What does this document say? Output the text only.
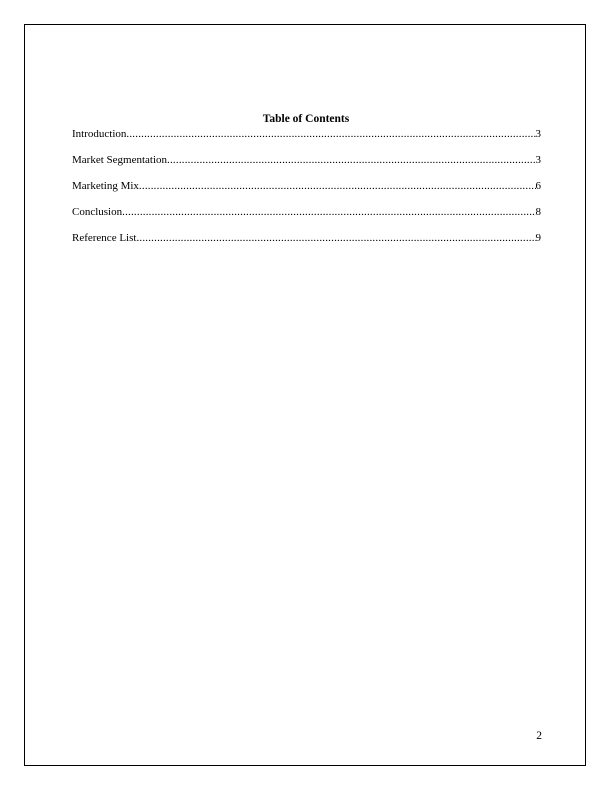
Table of Contents
Introduction .....	3
Market Segmentation .....	3
Marketing Mix .....	6
Conclusion .....	8
Reference List .....	9
2
